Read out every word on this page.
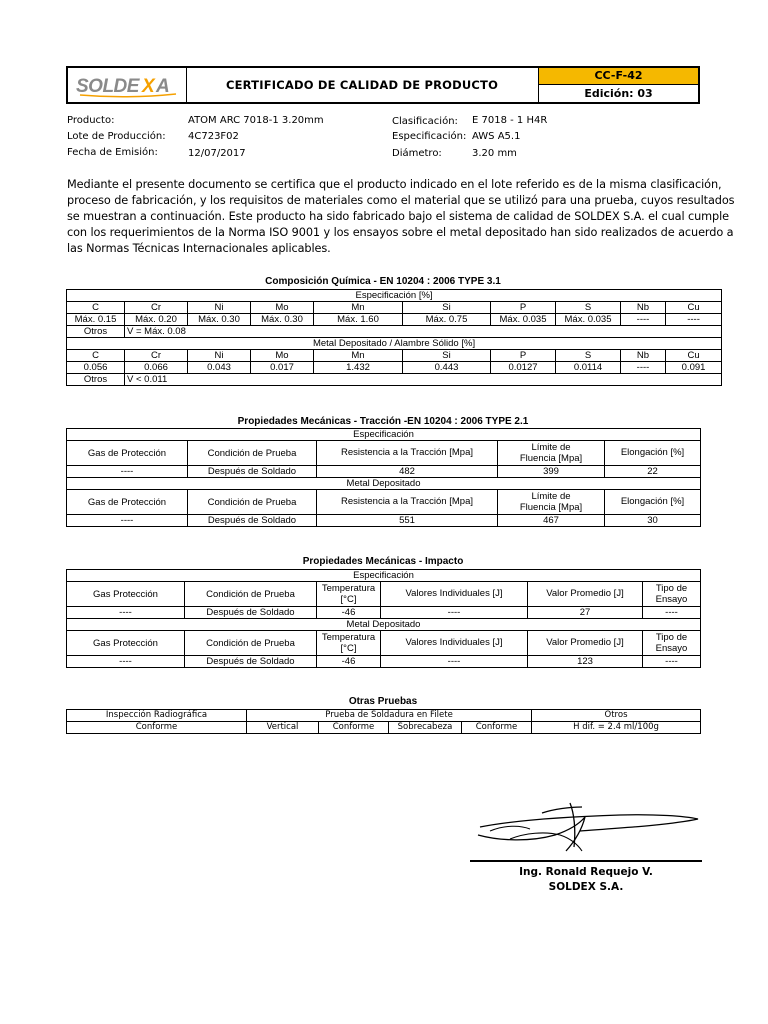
SOLDE X A	CERTIFICADO DE CALIDAD DE PRODUCTO
CC-F-42
Edición: 03
Producto:	ATOM ARC 7018-1 3.20mm
Lote de Producción: 4C723F02
Fecha de Emisión:	12/07/2017
Clasificación: E 7018 - 1 H4R
Especificación: AWS A5.1
Diámetro:	3.20 mm

Mediante el presente documento se certifica que el producto indicado en el lote referido es de la misma clasificación,

proceso de fabricación, y los requisitos de materiales como el material que se utilizó para una prueba, cuyos resultados

se muestran a continuación. Este producto ha sido fabricado bajo el sistema de calidad de SOLDEX S.A. el cual cumple

con los requerimientos de la Norma ISO 9001 y los ensayos sobre el metal depositado han sido realizados de acuerdo a

las Normas Técnicas Internacionales aplicables.

Composición Química - EN 10204 : 2006 TYPE 3.1
Especificación [%]									
C	Cr	Ni	Mo	Mn	Si	P	S	Nb	Cu
Máx. 0.15	Máx. 0.20	Máx. 0.30	Máx. 0.30	Máx. 1.60	Máx. 0.75	Máx. 0.035	Máx. 0.035	----	----
Otros	V = Máx. 0.08								
Metal Depositado / Alambre Sólido [%]									
C	Cr	Ni	Mo	Mn	Si	P	S	Nb	Cu
0.056	0.066	0.043	0.017	1.432	0.443	0.0127	0.0114	----	0.091
Otros	V < 0.011								
Propiedades Mecánicas - Tracción -EN 10204 : 2006 TYPE 2.1
Especificación				
Gas de Protección	Condición de Prueba	Resistencia a la Tracción [Mpa]	Límite de Fluencia [Mpa]	Elongación [%]
----	Después de Soldado	482	399	22
Metal Depositado				
Gas de Protección	Condición de Prueba	Resistencia a la Tracción [Mpa]	Límite de Fluencia [Mpa]	Elongación [%]
----	Después de Soldado	551	467	30
Propiedades Mecánicas - Impacto
Especificación					
Gas Protección	Condición de Prueba	Temperatura [°C]	Valores Individuales [J]	Valor Promedio [J]	Tipo de Ensayo
----	Después de Soldado	-46	----	27	----
Metal Depositado					
Gas Protección	Condición de Prueba	Temperatura [°C]	Valores Individuales [J]	Valor Promedio [J]	Tipo de Ensayo
----	Después de Soldado	-46	----	123	----
Otras Pruebas
Inspección Radiográfica	Prueba de Soldadura en Filete				Otros
Conforme	Vertical	Conforme	Sobrecabeza	Conforme	H dif. = 2.4 ml/100g
Ing. Ronald Requejo V.
SOLDEX S.A.
